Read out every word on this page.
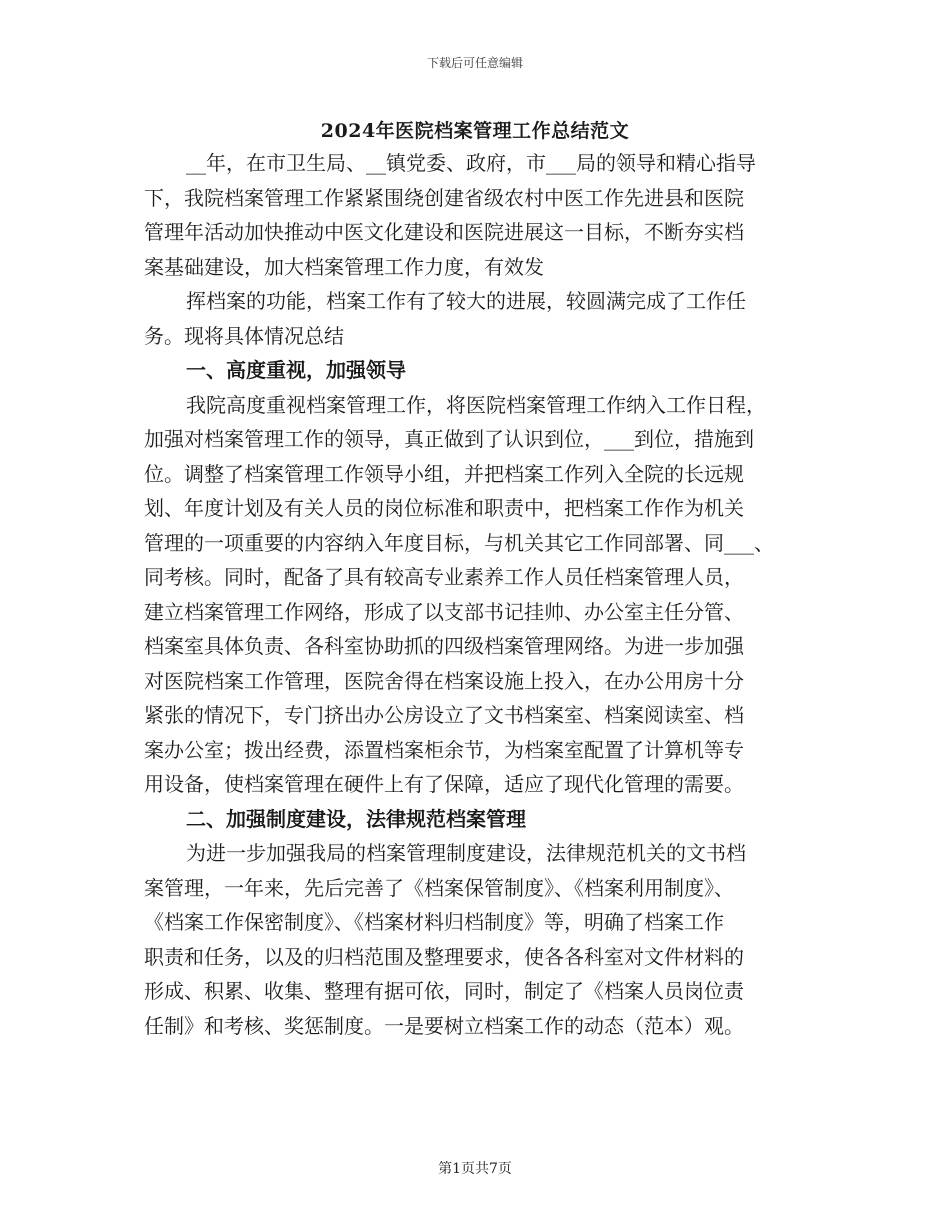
下载后可任意编辑
2024年医院档案管理工作总结范文
__年，在市卫生局、__镇党委、政府，市___局的领导和精心指导
下，我院档案管理工作紧紧围绕创建省级农村中医工作先进县和医院
管理年活动加快推动中医文化建设和医院进展这一目标，不断夯实档
案基础建设，加大档案管理工作力度，有效发
挥档案的功能，档案工作有了较大的进展，较圆满完成了工作任
务。现将具体情况总结
一、高度重视，加强领导
我院高度重视档案管理工作，将医院档案管理工作纳入工作日程，
加强对档案管理工作的领导，真正做到了认识到位，___到位，措施到
位。调整了档案管理工作领导小组，并把档案工作列入全院的长远规
划、年度计划及有关人员的岗位标准和职责中，把档案工作作为机关
管理的一项重要的内容纳入年度目标，与机关其它工作同部署、同___、
同考核。同时，配备了具有较高专业素养工作人员任档案管理人员，
建立档案管理工作网络，形成了以支部书记挂帅、办公室主任分管、
档案室具体负责、各科室协助抓的四级档案管理网络。为进一步加强
对医院档案工作管理，医院舍得在档案设施上投入，在办公用房十分
紧张的情况下，专门挤出办公房设立了文书档案室、档案阅读室、档
案办公室；拨出经费，添置档案柜余节，为档案室配置了计算机等专
用设备，使档案管理在硬件上有了保障，适应了现代化管理的需要。
二、加强制度建设，法律规范档案管理
为进一步加强我局的档案管理制度建设，法律规范机关的文书档
案管理，一年来，先后完善了《档案保管制度》、《档案利用制度》、
《档案工作保密制度》、《档案材料归档制度》等，明确了档案工作
职责和任务，以及的归档范围及整理要求，使各各科室对文件材料的
形成、积累、收集、整理有据可依，同时，制定了《档案人员岗位责
任制》和考核、奖惩制度。一是要树立档案工作的动态（范本）观。
第1页共7页
